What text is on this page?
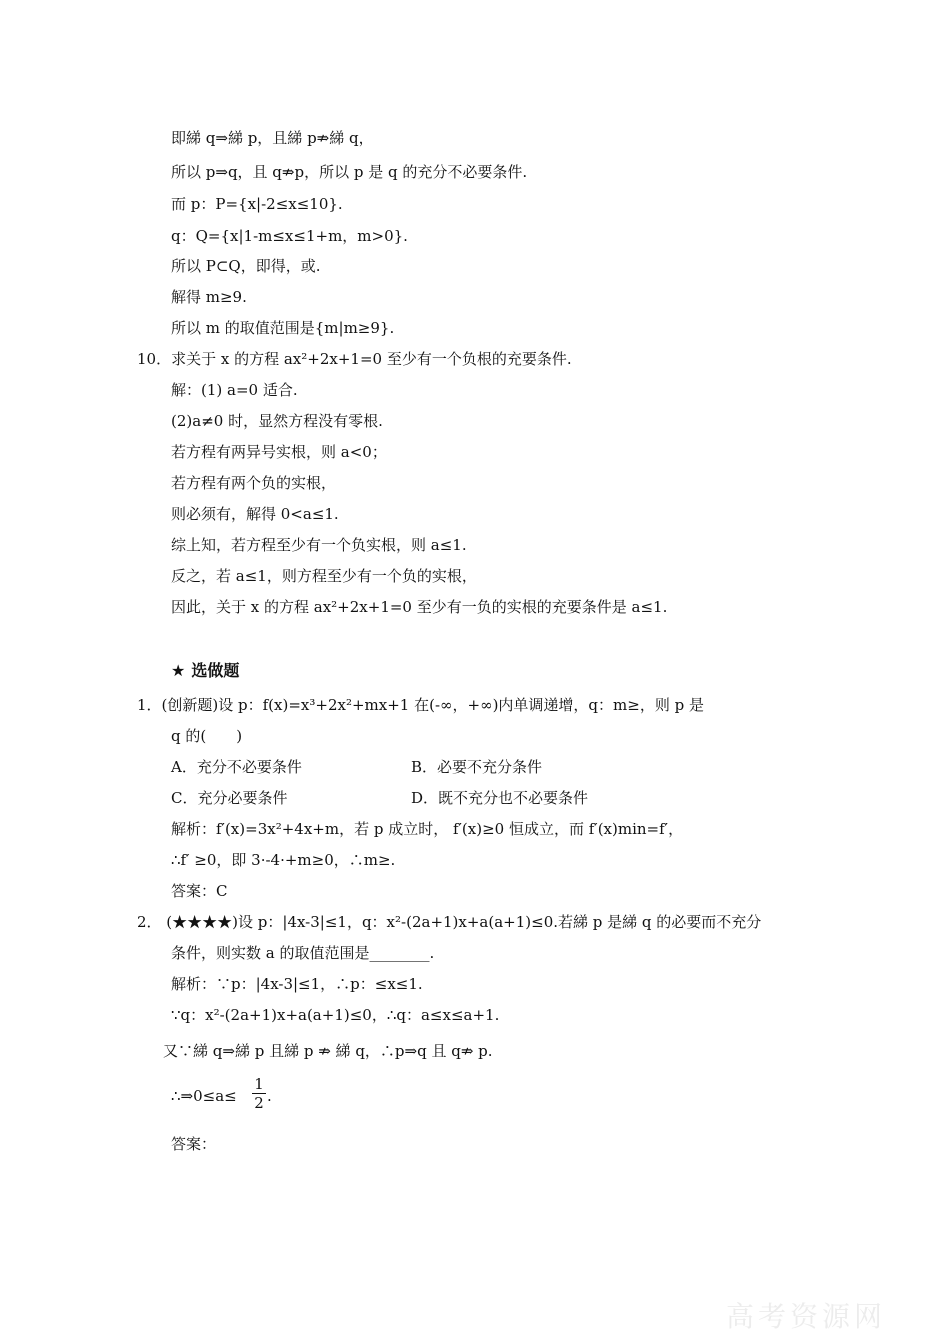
即綈 q⇒綈 p，且綈 p⇏綈 q，
所以 p⇒q，且 q⇏p，所以 p 是 q 的充分不必要条件.
而 p：P={x|-2≤x≤10}.
q：Q={x|1-m≤x≤1+m，m>0}.
所以 P⊂Q，即得，或.
解得 m≥9.
所以 m 的取值范围是{m|m≥9}.
10．求关于 x 的方程 ax²+2x+1=0 至少有一个负根的充要条件.
解：(1) a=0 适合.
(2)a≠0 时，显然方程没有零根.
若方程有两异号实根，则 a<0；
若方程有两个负的实根，
则必须有，解得 0<a≤1.
综上知，若方程至少有一个负实根，则 a≤1.
反之，若 a≤1，则方程至少有一个负的实根，
因此，关于 x 的方程 ax²+2x+1=0 至少有一负的实根的充要条件是 a≤1.
1．(创新题)设 p：f(x)=x³+2x²+mx+1 在(-∞，+∞)内单调递增，q：m≥，则 p 是
q 的(　　)
A．充分不必要条件
C．充分必要条件
解析：f′(x)=3x²+4x+m，若 p 成立时， f′(x)≥0 恒成立，而 f′(x)min=f′，
∴f′ ≥0，即 3·-4·+m≥0，∴m≥.
答案：C
2． (★★★★)设 p：|4x-3|≤1，q：x²-(2a+1)x+a(a+1)≤0.若綈 p 是綈 q 的必要而不充分
条件，则实数 a 的取值范围是________.
解析：∵p：|4x-3|≤1，∴p：≤x≤1.
∵q：x²-(2a+1)x+a(a+1)≤0，∴q：a≤x≤a+1.
又∵綈 q⇒綈 p 且綈 p ⇏ 綈 q，∴p⇒q 且 q⇏ p.
∴⇒0≤a≤
答案：
B．必要不充分条件
D．既不充分也不必要条件
★ 选做题
.
$\frac{1}{2}$
高考资源网
